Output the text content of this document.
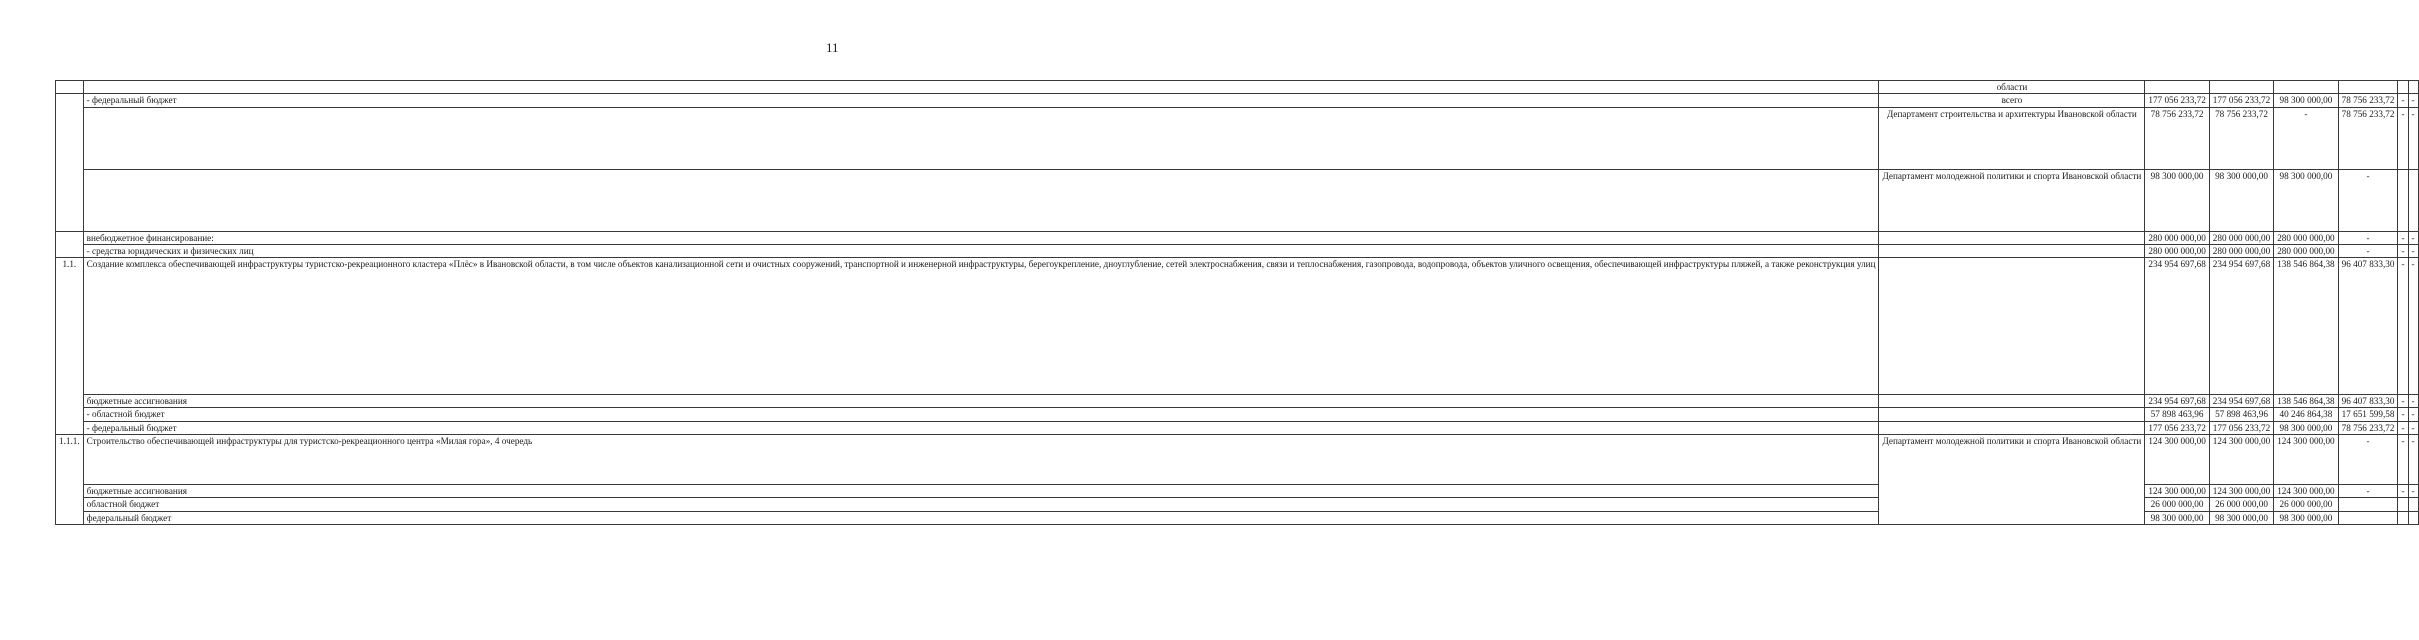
11
		области						
	- федеральный бюджет	всего	177 056 233,72	177 056 233,72	98 300 000,00	78 756 233,72	-	-
		Департамент строительства и архитектуры Ивановской области	78 756 233,72	78 756 233,72	-	78 756 233,72	-	-
		Департамент молодежной политики и спорта Ивановской области	98 300 000,00	98 300 000,00	98 300 000,00	-		
	внебюджетное финансирование:		280 000 000,00	280 000 000,00	280 000 000,00	-	-	-
	- средства юридических и физических лиц		280 000 000,00	280 000 000,00	280 000 000,00	-	-	-
1.1.	Создание комплекса обеспечивающей инфраструктуры туристско-рекреационного кластера «Плёс» в Ивановской области, в том числе объектов канализационной сети и очистных сооружений, транспортной и инженерной инфраструктуры, берегоукрепление, дноуглубление, сетей электроснабжения, связи и теплоснабжения, газопровода, водопровода, объектов уличного освещения, обеспечивающей инфраструктуры пляжей, а также реконструкция улиц		234 954 697,68	234 954 697,68	138 546 864,38	96 407 833,30	-	-
	бюджетные ассигнования		234 954 697,68	234 954 697,68	138 546 864,38	96 407 833,30	-	-
	- областной бюджет		57 898 463,96	57 898 463,96	40 246 864,38	17 651 599,58	-	-
	- федеральный бюджет		177 056 233,72	177 056 233,72	98 300 000,00	78 756 233,72	-	-
1.1.1.	Строительство обеспечивающей инфраструктуры для туристско-рекреационного центра «Милая гора», 4 очередь	Департамент молодежной политики и спорта Ивановской области	124 300 000,00	124 300 000,00	124 300 000,00	-	-	-
	бюджетные ассигнования		124 300 000,00	124 300 000,00	124 300 000,00	-	-	-
	областной бюджет		26 000 000,00	26 000 000,00	26 000 000,00			
	федеральный бюджет		98 300 000,00	98 300 000,00	98 300 000,00			
